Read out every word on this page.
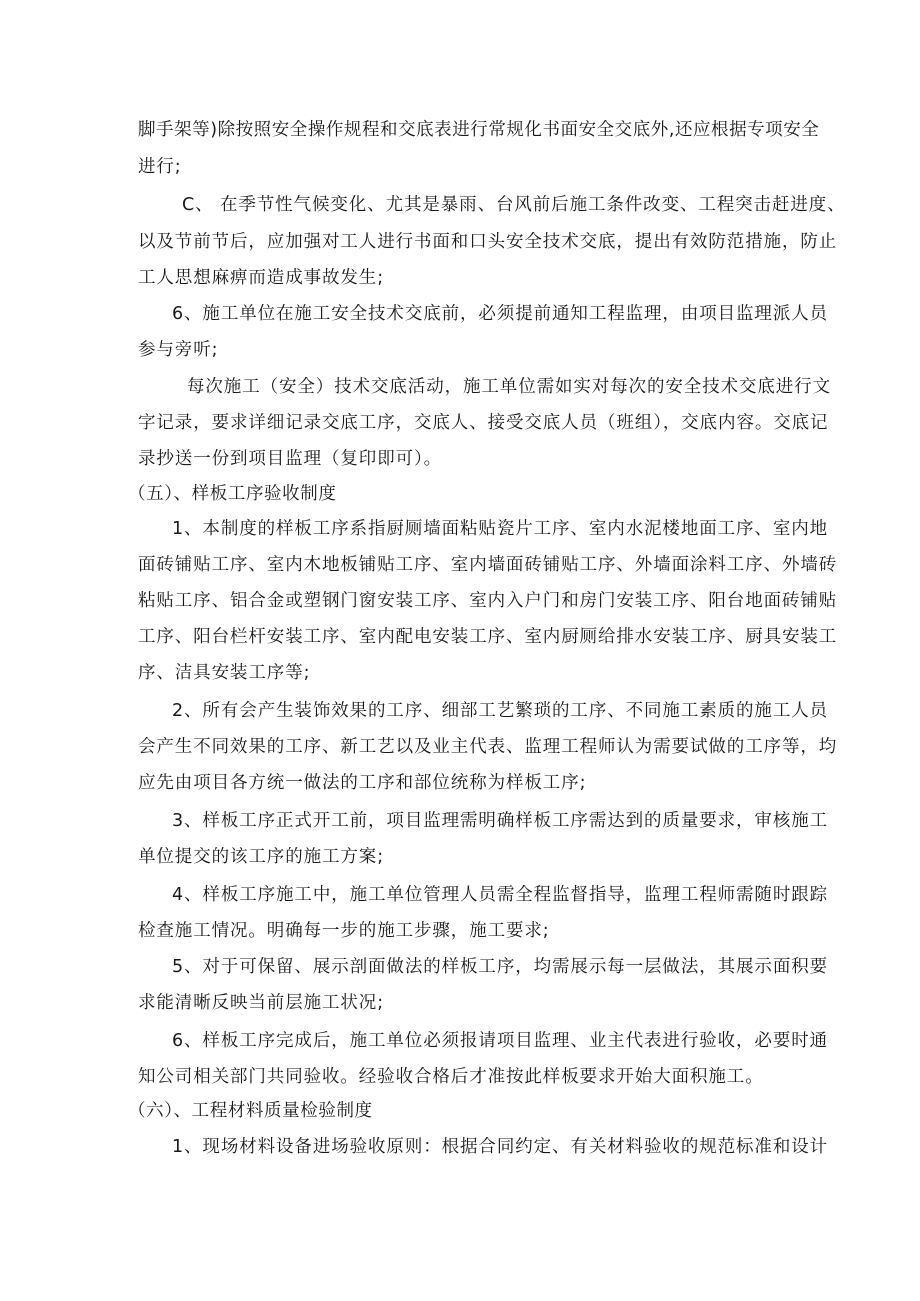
脚手架等)除按照安全操作规程和交底表进行常规化书面安全交底外,还应根据专项安全
进行;
C、 在季节性气候变化、尤其是暴雨、台风前后施工条件改变、工程突击赶进度、
以及节前节后，应加强对工人进行书面和口头安全技术交底，提出有效防范措施，防止
工人思想麻痹而造成事故发生;
6、施工单位在施工安全技术交底前，必须提前通知工程监理，由项目监理派人员
参与旁听;
每次施工（安全）技术交底活动，施工单位需如实对每次的安全技术交底进行文
字记录，要求详细记录交底工序，交底人、接受交底人员（班组），交底内容。交底记
录抄送一份到项目监理（复印即可）。
（五）、样板工序验收制度
1、本制度的样板工序系指厨厕墙面粘贴瓷片工序、室内水泥楼地面工序、室内地
面砖铺贴工序、室内木地板铺贴工序、室内墙面砖铺贴工序、外墙面涂料工序、外墙砖
粘贴工序、铝合金或塑钢门窗安装工序、室内入户门和房门安装工序、阳台地面砖铺贴
工序、阳台栏杆安装工序、室内配电安装工序、室内厨厕给排水安装工序、厨具安装工
序、洁具安装工序等;
2、所有会产生装饰效果的工序、细部工艺繁琐的工序、不同施工素质的施工人员
会产生不同效果的工序、新工艺以及业主代表、监理工程师认为需要试做的工序等，均
应先由项目各方统一做法的工序和部位统称为样板工序;
3、样板工序正式开工前，项目监理需明确样板工序需达到的质量要求，审核施工
单位提交的该工序的施工方案;
4、样板工序施工中，施工单位管理人员需全程监督指导，监理工程师需随时跟踪
检查施工情况。明确每一步的施工步骤，施工要求;
5、对于可保留、展示剖面做法的样板工序，均需展示每一层做法，其展示面积要
求能清晰反映当前层施工状况;
6、样板工序完成后，施工单位必须报请项目监理、业主代表进行验收，必要时通
知公司相关部门共同验收。经验收合格后才准按此样板要求开始大面积施工。
（六）、工程材料质量检验制度
1、现场材料设备进场验收原则：根据合同约定、有关材料验收的规范标准和设计
